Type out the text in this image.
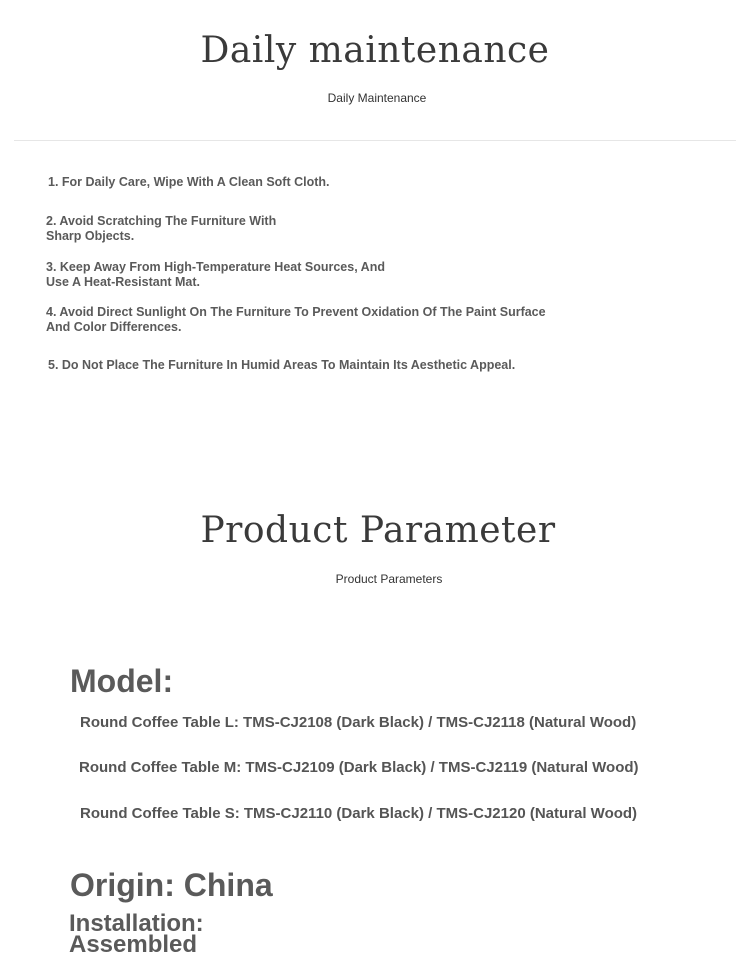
Daily maintenance
Daily Maintenance
1. For Daily Care, Wipe With A Clean Soft Cloth.
2. Avoid Scratching The Furniture With Sharp Objects.
3. Keep Away From High-Temperature Heat Sources, And Use A Heat-Resistant Mat.
4. Avoid Direct Sunlight On The Furniture To Prevent Oxidation Of The Paint Surface And Color Differences.
5. Do Not Place The Furniture In Humid Areas To Maintain Its Aesthetic Appeal.
Product Parameter
Product Parameters
Model:
Round Coffee Table L: TMS-CJ2108 (Dark Black) / TMS-CJ2118 (Natural Wood)
Round Coffee Table M: TMS-CJ2109 (Dark Black) / TMS-CJ2119 (Natural Wood)
Round Coffee Table S: TMS-CJ2110 (Dark Black) / TMS-CJ2120 (Natural Wood)
Origin: China
Installation: Assembled
